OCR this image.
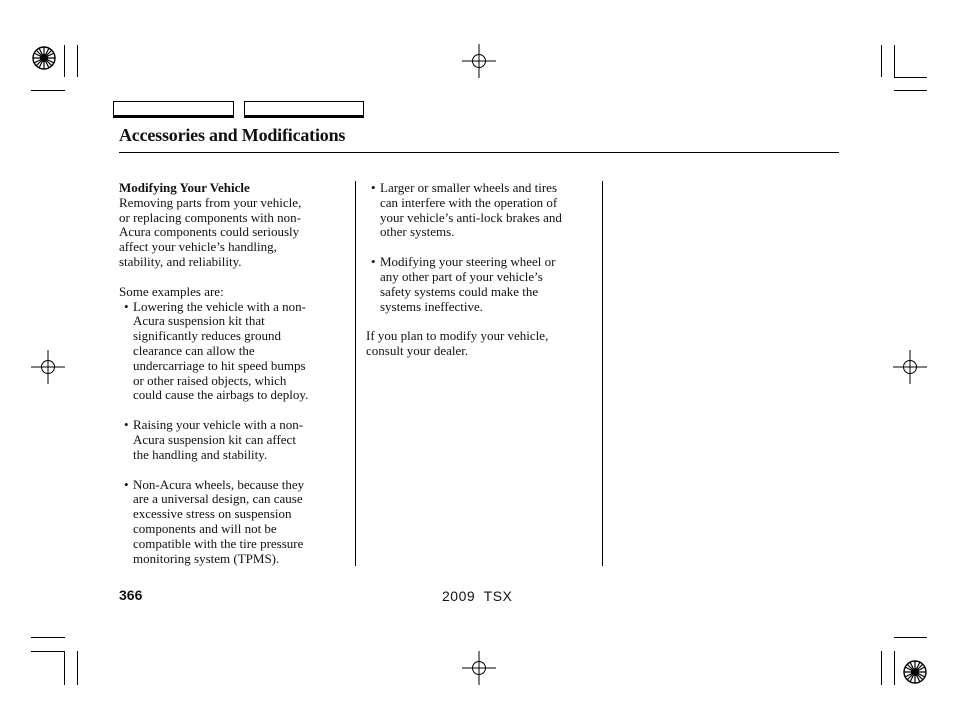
Accessories and Modifications

Modifying Your Vehicle

Removing parts from your vehicle,

or replacing components with non-

Acura components could seriously

affect your vehicle’s handling,

stability, and reliability.

Some examples are:

• Lowering the vehicle with a non-

Acura suspension kit that

significantly reduces ground

clearance can allow the

undercarriage to hit speed bumps

or other raised objects, which

could cause the airbags to deploy.

• Raising your vehicle with a non-

Acura suspension kit can affect

the handling and stability.

• Non-Acura wheels, because they

are a universal design, can cause

excessive stress on suspension

components and will not be

compatible with the tire pressure

monitoring system (TPMS).

• Larger or smaller wheels and tires

can interfere with the operation of

your vehicle’s anti-lock brakes and

other systems.

• Modifying your steering wheel or

any other part of your vehicle’s

safety systems could make the

systems ineffective.

If you plan to modify your vehicle,

consult your dealer.

366	2009  TSX
